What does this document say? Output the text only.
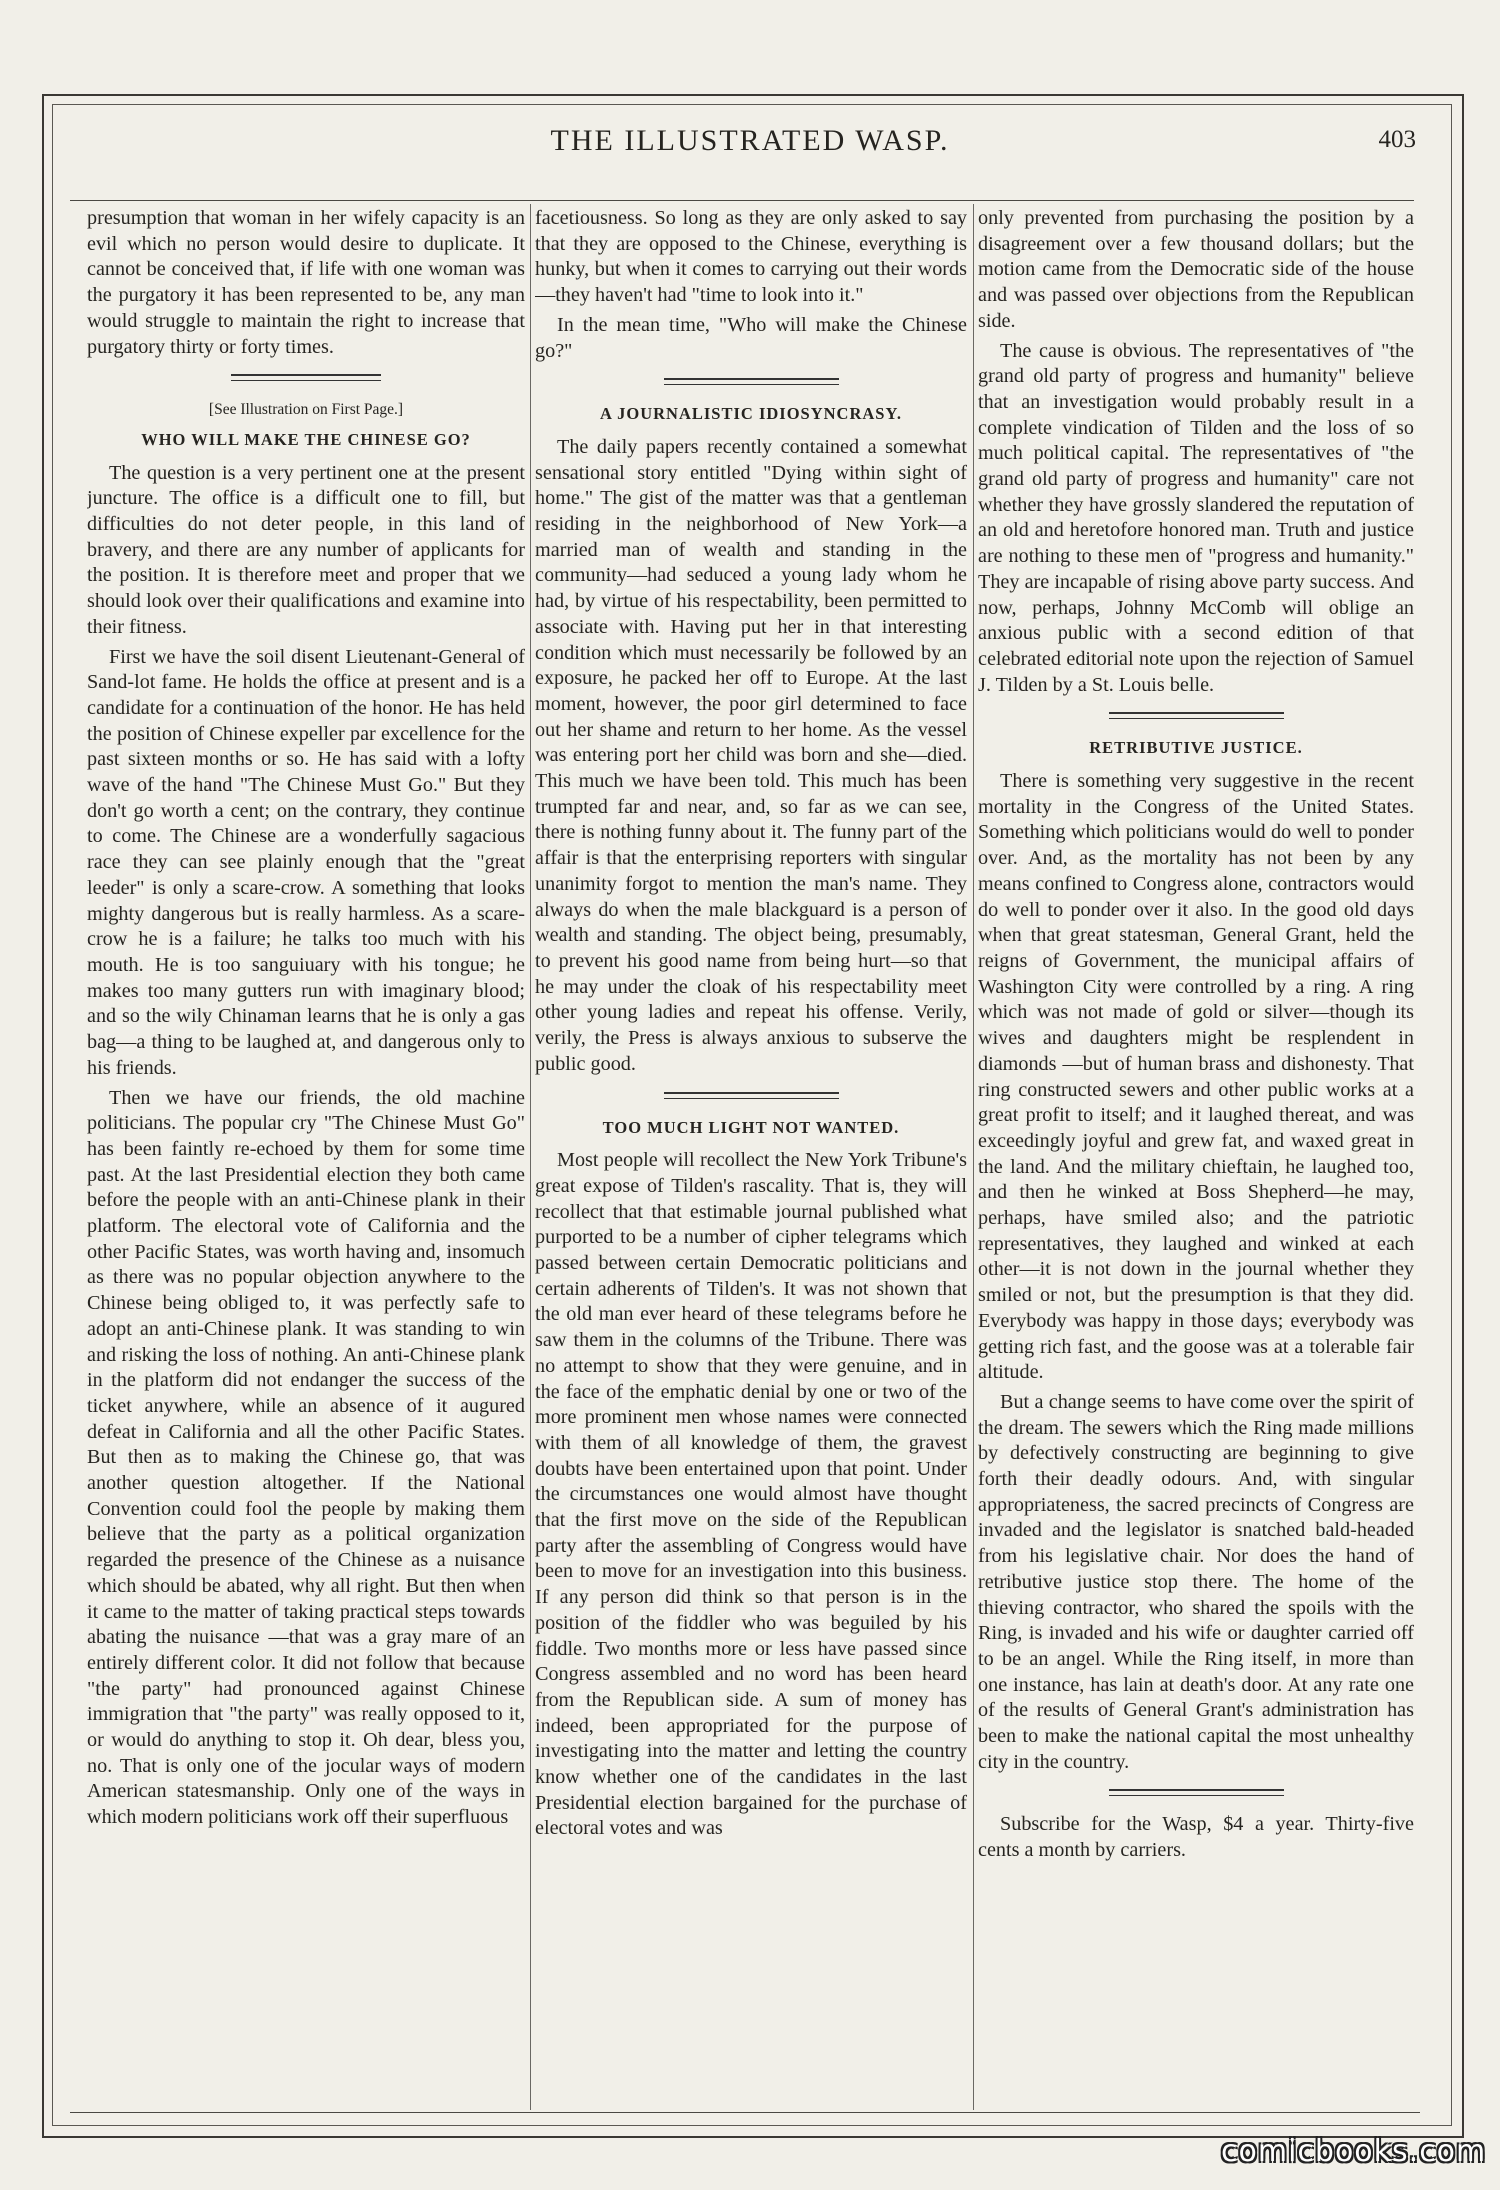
THE ILLUSTRATED WASP.	403

presumption that woman in her wifely capacity is an evil which no person would desire to duplicate. It cannot be conceived that, if life with one woman was the purgatory it has been represented to be, any man would struggle to maintain the right to increase that purgatory thirty or forty times.

[See Illustration on First Page.]

WHO WILL MAKE THE CHINESE GO?

The question is a very pertinent one at the present juncture. The office is a difficult one to fill, but difficulties do not deter people, in this land of bravery, and there are any number of applicants for the position. It is therefore meet and proper that we should look over their qualifications and examine into their fitness.

First we have the soil disent Lieutenant-General of Sand-lot fame. He holds the office at present and is a candidate for a continuation of the honor. He has held the position of Chinese expeller par excellence for the past sixteen months or so. He has said with a lofty wave of the hand "The Chinese Must Go." But they don't go worth a cent; on the contrary, they continue to come. The Chinese are a wonderfully sagacious race they can see plainly enough that the "great leeder" is only a scare-crow. A something that looks mighty dangerous but is really harmless. As a scare-crow he is a failure; he talks too much with his mouth. He is too sanguiuary with his tongue; he makes too many gutters run with imaginary blood; and so the wily Chinaman learns that he is only a gas bag—a thing to be laughed at, and dangerous only to his friends.

Then we have our friends, the old machine politicians. The popular cry "The Chinese Must Go" has been faintly re-echoed by them for some time past. At the last Presidential election they both came before the people with an anti-Chinese plank in their platform. The electoral vote of California and the other Pacific States, was worth having and, insomuch as there was no popular objection anywhere to the Chinese being obliged to, it was perfectly safe to adopt an anti-Chinese plank. It was standing to win and risking the loss of nothing. An anti-Chinese plank in the platform did not endanger the success of the ticket anywhere, while an absence of it augured defeat in California and all the other Pacific States. But then as to making the Chinese go, that was another question altogether. If the National Convention could fool the people by making them believe that the party as a political organization regarded the presence of the Chinese as a nuisance which should be abated, why all right. But then when it came to the matter of taking practical steps towards abating the nuisance —that was a gray mare of an entirely different color. It did not follow that because "the party" had pronounced against Chinese immigration that "the party" was really opposed to it, or would do anything to stop it. Oh dear, bless you, no. That is only one of the jocular ways of modern American statesmanship. Only one of the ways in which modern politicians work off their superfluous

facetiousness. So long as they are only asked to say that they are opposed to the Chinese, everything is hunky, but when it comes to carrying out their words—they haven't had "time to look into it."

In the mean time, "Who will make the Chinese go?"

A JOURNALISTIC IDIOSYNCRASY.

The daily papers recently contained a somewhat sensational story entitled "Dying within sight of home." The gist of the matter was that a gentleman residing in the neighborhood of New York—a married man of wealth and standing in the community—had seduced a young lady whom he had, by virtue of his respectability, been permitted to associate with. Having put her in that interesting condition which must necessarily be followed by an exposure, he packed her off to Europe. At the last moment, however, the poor girl determined to face out her shame and return to her home. As the vessel was entering port her child was born and she—died. This much we have been told. This much has been trumpted far and near, and, so far as we can see, there is nothing funny about it. The funny part of the affair is that the enterprising reporters with singular unanimity forgot to mention the man's name. They always do when the male blackguard is a person of wealth and standing. The object being, presumably, to prevent his good name from being hurt—so that he may under the cloak of his respectability meet other young ladies and repeat his offense. Verily, verily, the Press is always anxious to subserve the public good.

TOO MUCH LIGHT NOT WANTED.

Most people will recollect the New York Tribune's great expose of Tilden's rascality. That is, they will recollect that that estimable journal published what purported to be a number of cipher telegrams which passed between certain Democratic politicians and certain adherents of Tilden's. It was not shown that the old man ever heard of these telegrams before he saw them in the columns of the Tribune. There was no attempt to show that they were genuine, and in the face of the emphatic denial by one or two of the more prominent men whose names were connected with them of all knowledge of them, the gravest doubts have been entertained upon that point. Under the circumstances one would almost have thought that the first move on the side of the Republican party after the assembling of Congress would have been to move for an investigation into this business. If any person did think so that person is in the position of the fiddler who was beguiled by his fiddle. Two months more or less have passed since Congress assembled and no word has been heard from the Republican side. A sum of money has indeed, been appropriated for the purpose of investigating into the matter and letting the country know whether one of the candidates in the last Presidential election bargained for the purchase of electoral votes and was

only prevented from purchasing the position by a disagreement over a few thousand dollars; but the motion came from the Democratic side of the house and was passed over objections from the Republican side.

The cause is obvious. The representatives of "the grand old party of progress and humanity" believe that an investigation would probably result in a complete vindication of Tilden and the loss of so much political capital. The representatives of "the grand old party of progress and humanity" care not whether they have grossly slandered the reputation of an old and heretofore honored man. Truth and justice are nothing to these men of "progress and humanity." They are incapable of rising above party success. And now, perhaps, Johnny McComb will oblige an anxious public with a second edition of that celebrated editorial note upon the rejection of Samuel J. Tilden by a St. Louis belle.

RETRIBUTIVE JUSTICE.

There is something very suggestive in the recent mortality in the Congress of the United States. Something which politicians would do well to ponder over. And, as the mortality has not been by any means confined to Congress alone, contractors would do well to ponder over it also. In the good old days when that great statesman, General Grant, held the reigns of Government, the municipal affairs of Washington City were controlled by a ring. A ring which was not made of gold or silver—though its wives and daughters might be resplendent in diamonds —but of human brass and dishonesty. That ring constructed sewers and other public works at a great profit to itself; and it laughed thereat, and was exceedingly joyful and grew fat, and waxed great in the land. And the military chieftain, he laughed too, and then he winked at Boss Shepherd—he may, perhaps, have smiled also; and the patriotic representatives, they laughed and winked at each other—it is not down in the journal whether they smiled or not, but the presumption is that they did. Everybody was happy in those days; everybody was getting rich fast, and the goose was at a tolerable fair altitude.

But a change seems to have come over the spirit of the dream. The sewers which the Ring made millions by defectively constructing are beginning to give forth their deadly odours. And, with singular appropriateness, the sacred precincts of Congress are invaded and the legislator is snatched bald-headed from his legislative chair. Nor does the hand of retributive justice stop there. The home of the thieving contractor, who shared the spoils with the Ring, is invaded and his wife or daughter carried off to be an angel. While the Ring itself, in more than one instance, has lain at death's door. At any rate one of the results of General Grant's administration has been to make the national capital the most unhealthy city in the country.

Subscribe for the Wasp, $4 a year. Thirty-five cents a month by carriers.

comicbooks.com
